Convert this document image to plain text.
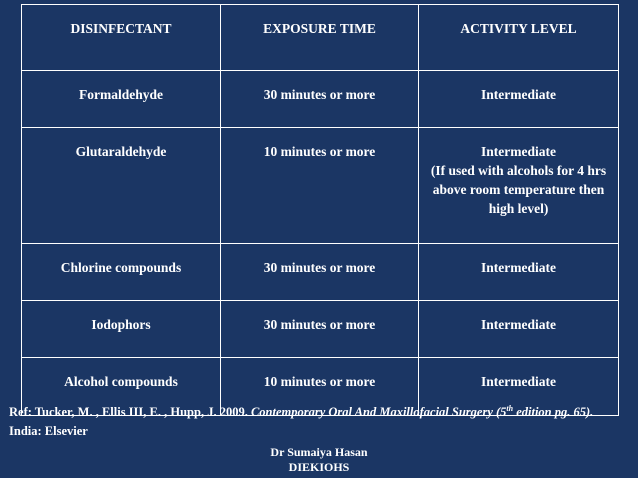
DISINFECTANT	EXPOSURE TIME	ACTIVITY LEVEL
Formaldehyde	30 minutes or more	Intermediate
Glutaraldehyde	10 minutes or more	Intermediate
(If used with alcohols for 4 hrs above room temperature then high level)

Chlorine compounds	30 minutes or more	Intermediate
Iodophors	30 minutes or more	Intermediate
Alcohol compounds	10 minutes or more	Intermediate
Ref: Tucker, M. , Ellis III, E. , Hupp, J. 2009. Contemporary Oral And Maxillofacial Surgery (5th edition pg. 65). India: Elsevier
Dr Sumaiya Hasan
DIEKIOHS
